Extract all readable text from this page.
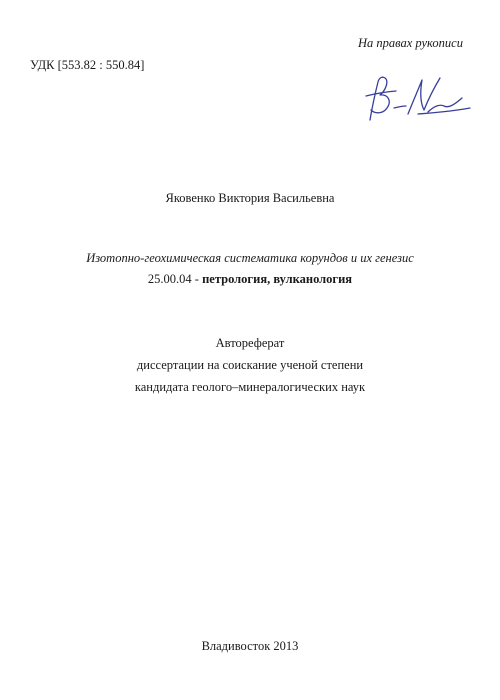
На правах рукописи
УДК [553.82 : 550.84]
Яковенко Виктория Васильевна
Изотопно-геохимическая систематика корундов и их генезис
25.00.04 - петрология, вулканология
Автореферат
диссертации на соискание ученой степени
кандидата геолого–минералогических наук
Владивосток 2013
